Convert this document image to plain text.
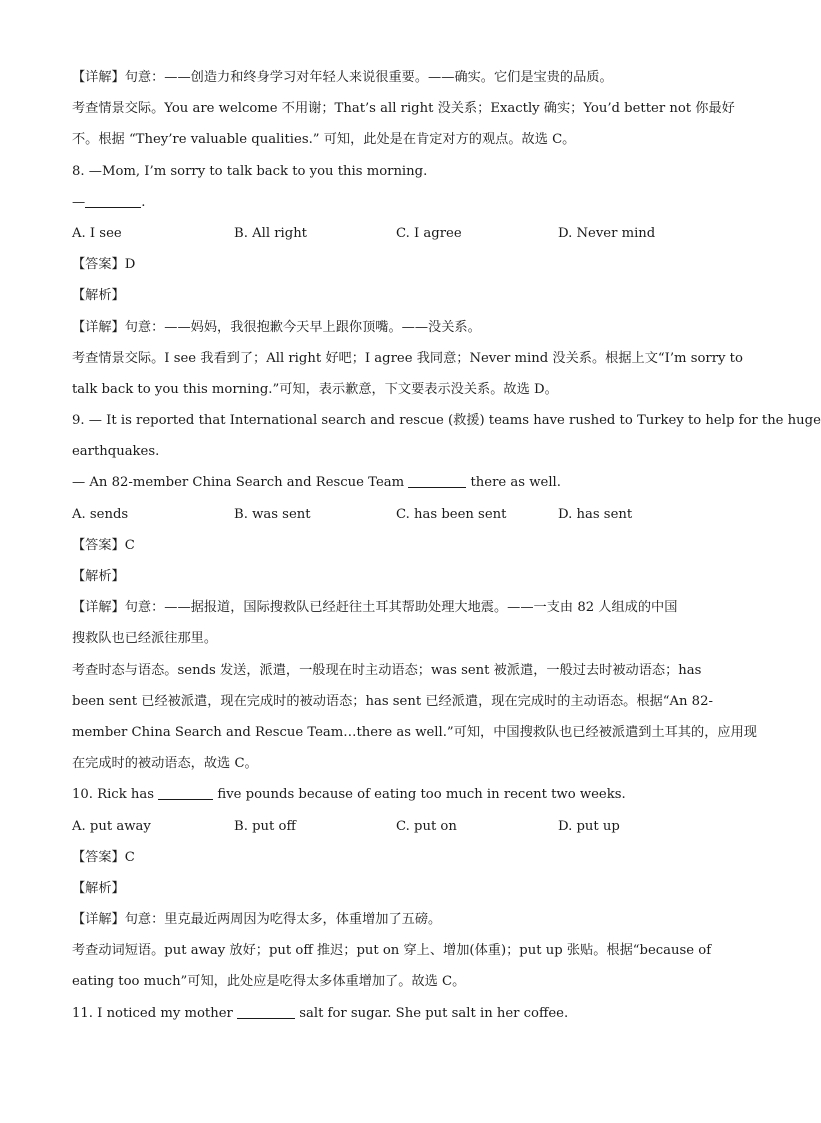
【详解】句意：——创造力和终身学习对年轻人来说很重要。——确实。它们是宝贵的品质。
考查情景交际。You are welcome 不用谢；That’s all right 没关系；Exactly 确实；You’d better not 你最好
不。根据 “They’re valuable qualities.” 可知，此处是在肯定对方的观点。故选 C。
8. —Mom, I’m sorry to talk back to you this morning.
—	.
A. I see	B. All right	C. I agree	D. Never mind
【答案】D
【解析】
【详解】句意：——妈妈，我很抱歉今天早上跟你顶嘴。——没关系。
考查情景交际。I see 我看到了；All right 好吧；I agree 我同意；Never mind 没关系。根据上文“I’m sorry to
talk back to you this morning.”可知，表示歉意，下文要表示没关系。故选 D。
9. — It is reported that International search and rescue (救援) teams have rushed to Turkey to help for the huge
earthquakes.
— An 82-member China Search and Rescue Team	there as well.
A. sends	B. was sent	C. has been sent	D. has sent
【答案】C
【解析】
【详解】句意：——据报道，国际搜救队已经赶往土耳其帮助处理大地震。——一支由 82 人组成的中国
搜救队也已经派往那里。
考查时态与语态。sends 发送，派遣，一般现在时主动语态；was sent 被派遣，一般过去时被动语态；has
been sent 已经被派遣，现在完成时的被动语态；has sent 已经派遣，现在完成时的主动语态。根据“An 82-
member China Search and Rescue Team…there as well.”可知，中国搜救队也已经被派遣到土耳其的，应用现
在完成时的被动语态，故选 C。
10. Rick has	five pounds because of eating too much in recent two weeks.
A. put away	B. put off	C. put on	D. put up
【答案】C
【解析】
【详解】句意：里克最近两周因为吃得太多，体重增加了五磅。
考查动词短语。put away 放好；put off 推迟；put on 穿上、增加(体重)；put up 张贴。根据“because of
eating too much”可知，此处应是吃得太多体重增加了。故选 C。
11. I noticed my mother	salt for sugar. She put salt in her coffee.
